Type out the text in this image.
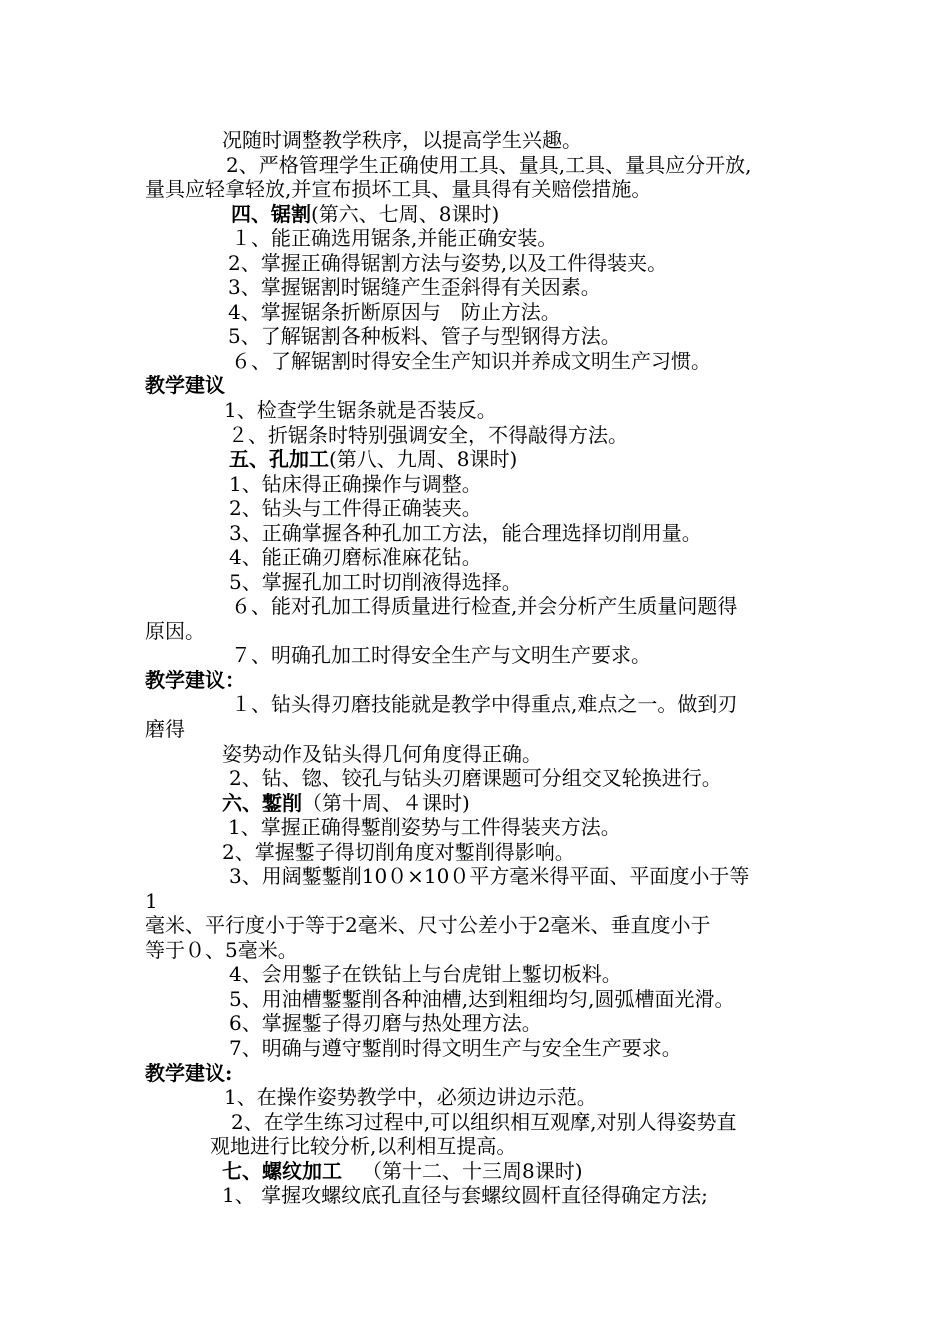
况随时调整教学秩序，以提高学生兴趣。
2、严格管理学生正确使用工具、量具,工具、量具应分开放,
量具应轻拿轻放,并宣布损坏工具、量具得有关赔偿措施。
四、锯割(第六、七周、8课时)
１、能正确选用锯条,并能正确安装。
2、掌握正确得锯割方法与姿势,以及工件得装夹。
3、掌握锯割时锯缝产生歪斜得有关因素。
4、掌握锯条折断原因与　防止方法。
5、了解锯割各种板料、管子与型钢得方法。
６、了解锯割时得安全生产知识并养成文明生产习惯。
教学建议
1、检查学生锯条就是否装反。
２、折锯条时特别强调安全，不得敲得方法。
五、孔加工(第八、九周、8课时)
1、钻床得正确操作与调整。
2、钻头与工件得正确装夹。
3、正确掌握各种孔加工方法，能合理选择切削用量。
4、能正确刃磨标准麻花钻。
5、掌握孔加工时切削液得选择。
６、能对孔加工得质量进行检查,并会分析产生质量问题得
原因。
７、明确孔加工时得安全生产与文明生产要求。
教学建议：
１、钻头得刃磨技能就是教学中得重点,难点之一。做到刃
磨得
姿势动作及钻头得几何角度得正确。
2、钻、锪、铰孔与钻头刃磨课题可分组交叉轮换进行。
六、鏨削（第十周、４课时)
1、掌握正确得鏨削姿势与工件得装夹方法。
2、掌握鏨子得切削角度对鏨削得影响。
3、用阔鏨鏨削10０×10０平方毫米得平面、平面度小于等
1
毫米、平行度小于等于2毫米、尺寸公差小于2毫米、垂直度小于
等于０、5毫米。
4、会用鏨子在铁钻上与台虎钳上鏨切板料。
5、用油槽鏨鏨削各种油槽,达到粗细均匀,圆弧槽面光滑。
6、掌握鏨子得刃磨与热处理方法。
7、明确与遵守鏨削时得文明生产与安全生产要求。
教学建议:
1、在操作姿势教学中，必须边讲边示范。
2、在学生练习过程中,可以组织相互观摩,对别人得姿势直
观地进行比较分析,以利相互提高。
七、螺纹加工 （第十二、十三周8课时)
1、 掌握攻螺纹底孔直径与套螺纹圆杆直径得确定方法;
